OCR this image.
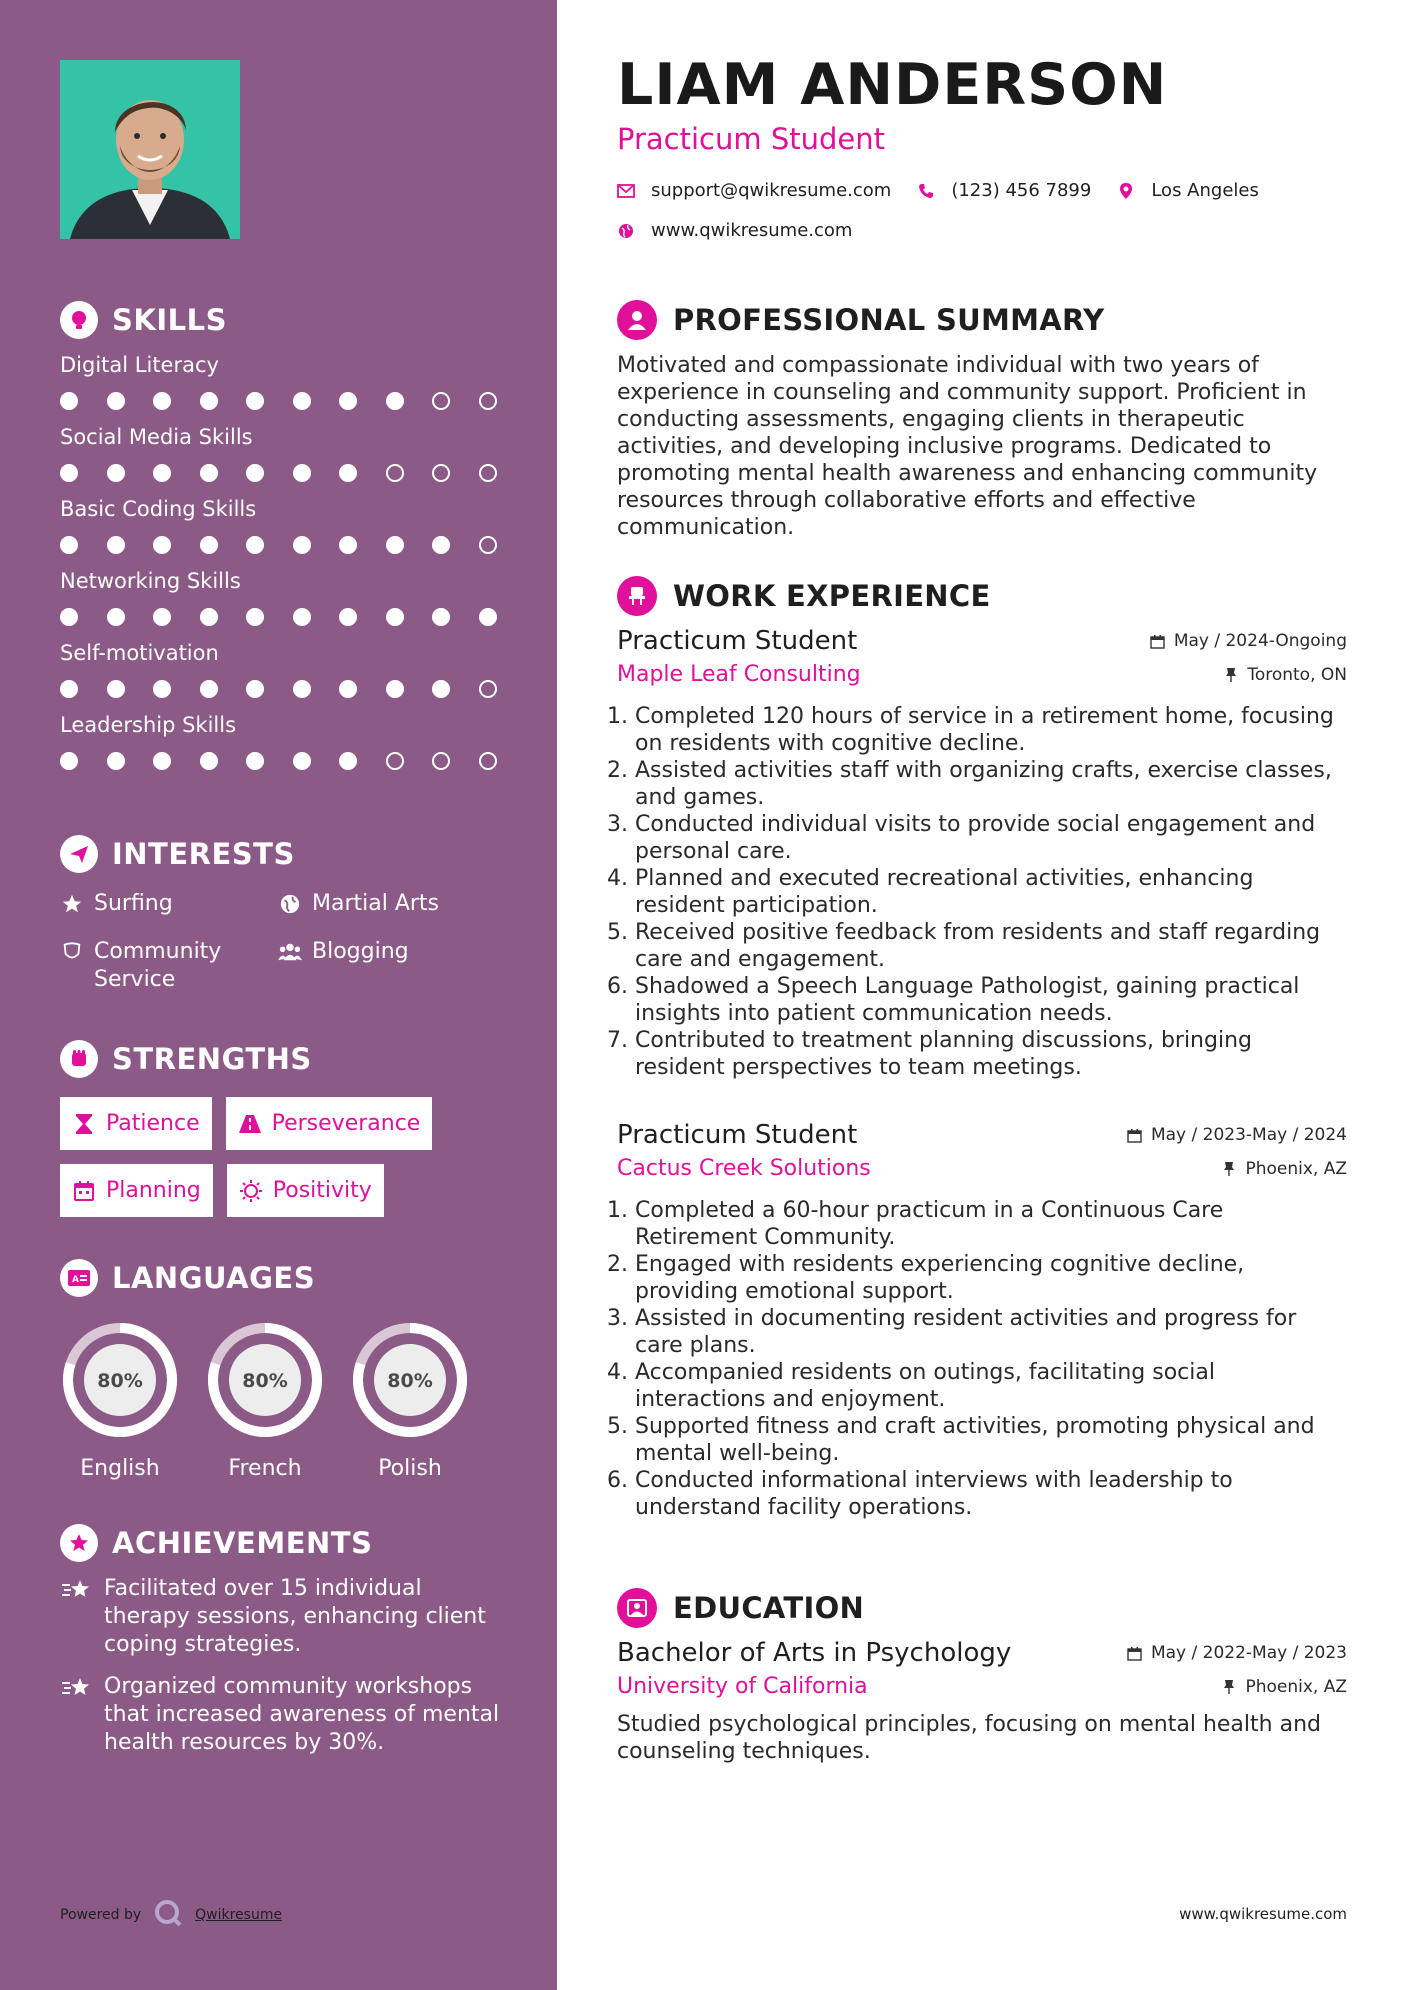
SKILLS
Digital Literacy
Social Media Skills
Basic Coding Skills
Networking Skills
Self-motivation
Leadership Skills
INTERESTS
Surfing	Martial Arts
Community Service
Blogging
STRENGTHS
Patience	Perseverance
Planning	Positivity
A LANGUAGES
80%
English
80%
French
80%
Polish
ACHIEVEMENTS
Facilitated over 15 individual therapy sessions, enhancing client coping strategies.
Organized community workshops that increased awareness of mental health resources by 30%.
Powered by	Qwikresume
LIAM ANDERSON
Practicum Student
support@qwikresume.com	(123) 456 7899	Los Angeles
www.qwikresume.com
PROFESSIONAL SUMMARY
Motivated and compassionate individual with two years of experience in counseling and community support. Proficient in conducting assessments, engaging clients in therapeutic activities, and developing inclusive programs. Dedicated to promoting mental health awareness and enhancing community resources through collaborative efforts and effective communication.
WORK EXPERIENCE
Practicum Student	May / 2024-Ongoing
Maple Leaf Consulting	Toronto, ON
1. Completed 120 hours of service in a retirement home, focusing on residents with cognitive decline.
2. Assisted activities staff with organizing crafts, exercise classes, and games.
3. Conducted individual visits to provide social engagement and personal care.
4. Planned and executed recreational activities, enhancing resident participation.
5. Received positive feedback from residents and staff regarding care and engagement.
6. Shadowed a Speech Language Pathologist, gaining practical insights into patient communication needs.
7. Contributed to treatment planning discussions, bringing resident perspectives to team meetings.
Practicum Student	May / 2023-May / 2024
Cactus Creek Solutions	Phoenix, AZ
1. Completed a 60-hour practicum in a Continuous Care Retirement Community.
2. Engaged with residents experiencing cognitive decline, providing emotional support.
3. Assisted in documenting resident activities and progress for care plans.
4. Accompanied residents on outings, facilitating social interactions and enjoyment.
5. Supported fitness and craft activities, promoting physical and mental well-being.
6. Conducted informational interviews with leadership to understand facility operations.
EDUCATION
Bachelor of Arts in Psychology	May / 2022-May / 2023
University of California	Phoenix, AZ
Studied psychological principles, focusing on mental health and counseling techniques.
www.qwikresume.com
